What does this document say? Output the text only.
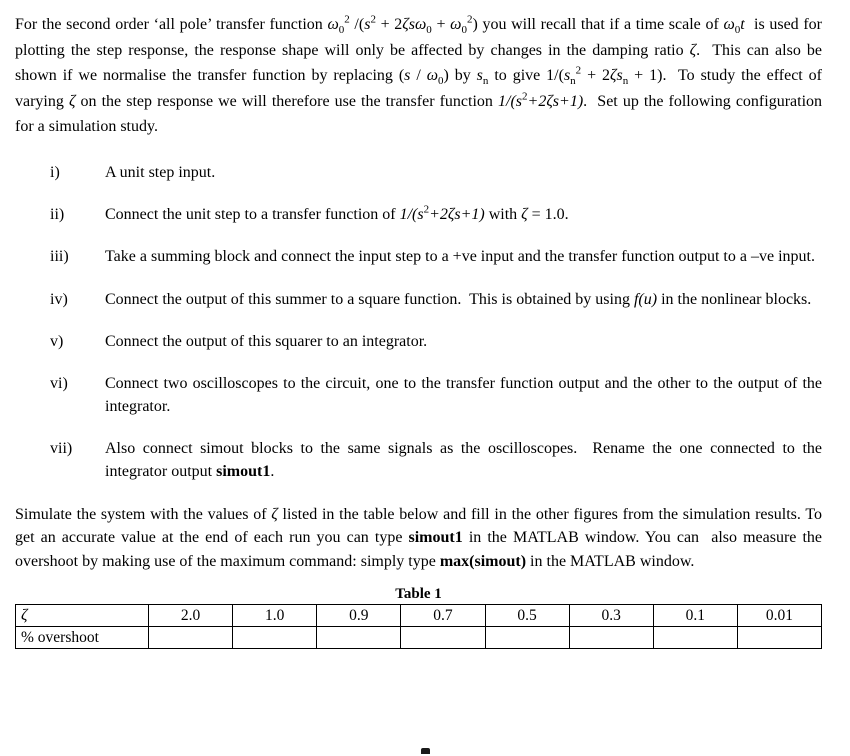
For the second order ‘all pole’ transfer function $\omega_0^2$ $/(s^2 + 2\zeta s\omega_0 + \omega_0^2)$ you will recall that if a time scale of $\omega_0t$  is used for plotting the step response, the response shape will only be affected by changes in the damping ratio ζ.  This can also be shown if we normalise the transfer function by replacing $(s / \omega_0)$ by $s_n$ to give $1/(s_n^2 + 2\zeta s_n + 1)$.  To study the effect of varying ζ on the step response we will therefore use the transfer function $1/(s^2+2\zeta s+1)$.  Set up the following configuration for a simulation study.
i)	A unit step input.
ii)	Connect the unit step to a transfer function of $1/(s^2+2\zeta s+1)$ with ζ = 1.0.
iii)	Take a summing block and connect the input step to a +ve input and the transfer function output to a –ve input.
iv)	Connect the output of this summer to a square function.  This is obtained by using f(u) in the nonlinear blocks.
v)	Connect the output of this squarer to an integrator.
vi)	Connect two oscilloscopes to the circuit, one to the transfer function output and the other to the output of the integrator.
vii)	Also connect simout blocks to the same signals as the oscilloscopes.  Rename the one connected to the integrator output simout1.
Simulate the system with the values of ζ listed in the table below and fill in the other figures from the simulation results. To get an accurate value at the end of each run you can type simout1 in the MATLAB window. You can  also measure the overshoot by making use of the maximum command: simply type max(simout) in the MATLAB window.
Table 1
ζ	2.0	1.0	0.9	0.7	0.5	0.3	0.1	0.01
% overshoot								
